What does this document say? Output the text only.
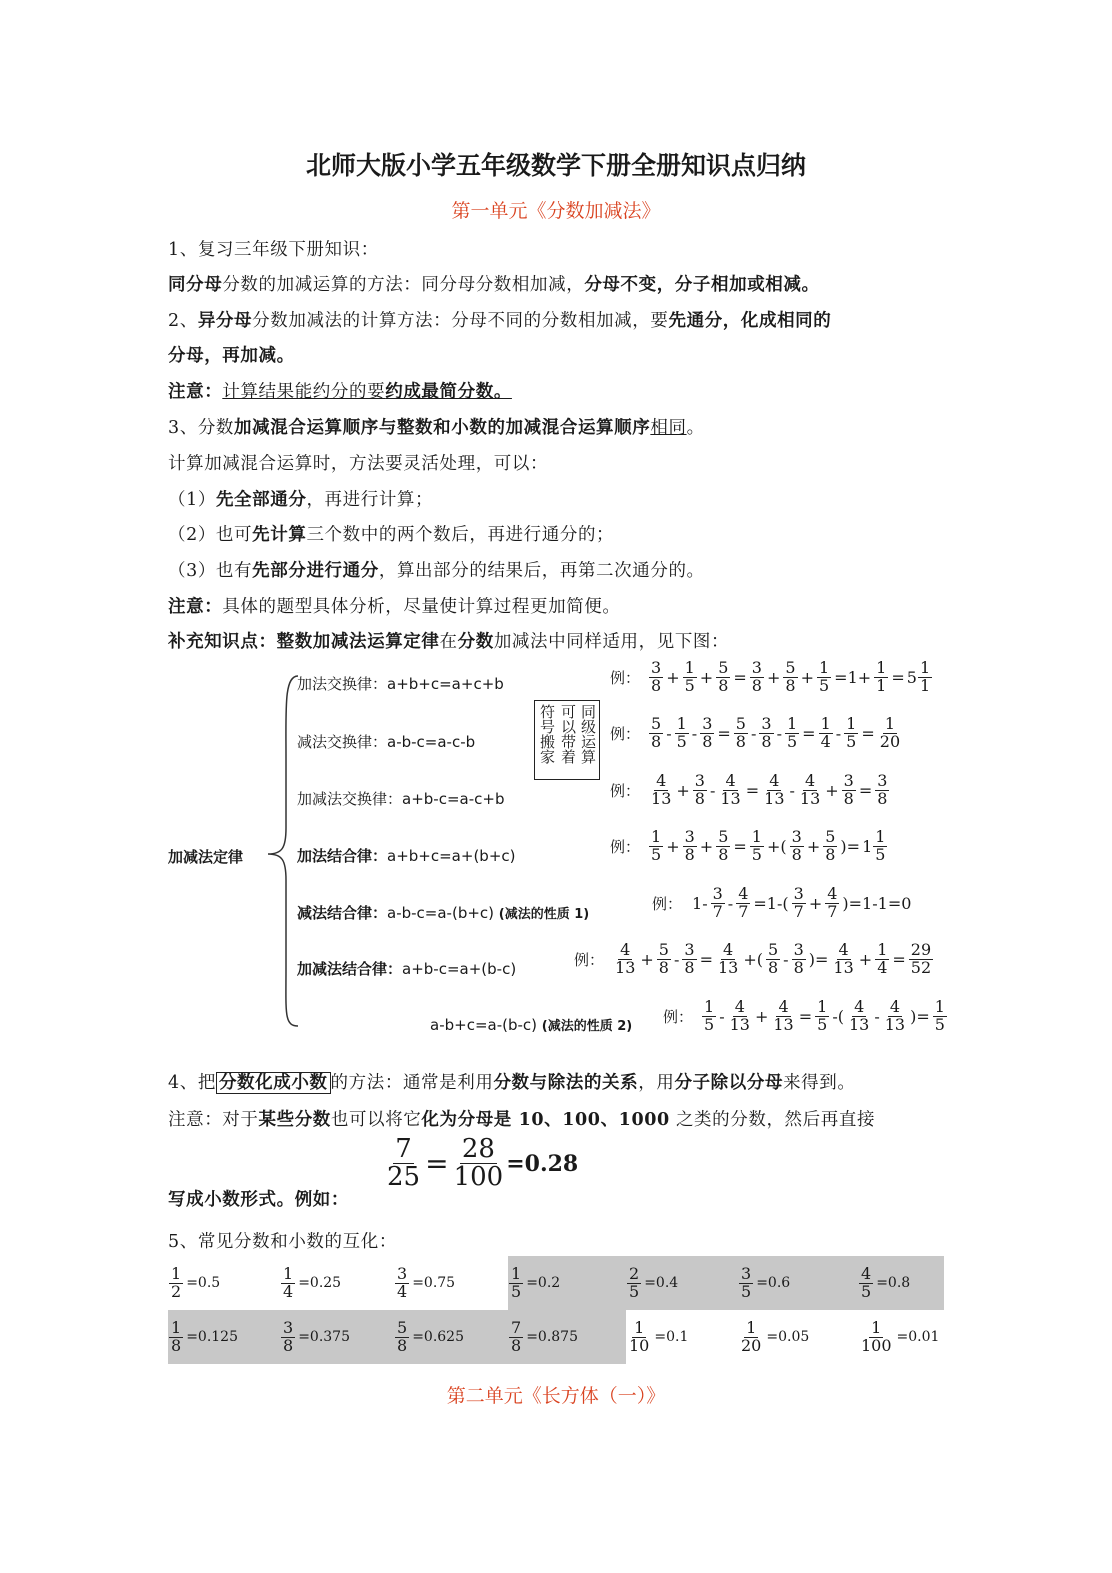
北师大版小学五年级数学下册全册知识点归纳
第一单元《分数加减法》
1、复习三年级下册知识：
同分母分数的加减运算的方法：同分母分数相加减，分母不变，分子相加或相减。
2、异分母分数加减法的计算方法：分母不同的分数相加减，要先通分，化成相同的
分母，再加减。
注意：计算结果能约分的要约成最简分数。
3、分数加减混合运算顺序与整数和小数的加减混合运算顺序相同。
计算加减混合运算时，方法要灵活处理，可以：
（1）先全部通分，再进行计算；
（2）也可先计算三个数中的两个数后，再进行通分的；
（3）也有先部分进行通分，算出部分的结果后，再第二次通分的。
注意：具体的题型具体分析，尽量使计算过程更加简便。
补充知识点：整数加减法运算定律在分数加减法中同样适用，见下图：
加减法定律
加法交换律：a+b+c=a+c+b
减法交换律：a-b-c=a-c-b
加减法交换律：a+b-c=a-c+b
加法结合律：a+b+c=a+(b+c)
减法结合律：a-b-c=a-(b+c) (减法的性质 1)
加减法结合律：a+b-c=a+(b-c)
a-b+c=a-(b-c) (减法的性质 2)
同级运算
可以带着
符号搬家
例： $\frac{3}{8} + \frac{1}{5} + \frac{5}{8} = \frac{3}{8} + \frac{5}{8} + \frac{1}{5} =1+ \frac{1}{1} = 5 \frac{1}{1}$
例： $\frac{5}{8} - \frac{1}{5} - \frac{3}{8} = \frac{5}{8} - \frac{3}{8} - \frac{1}{5} = \frac{1}{4} - \frac{1}{5} = \frac{1}{20}$
例： $\frac{4}{13} + \frac{3}{8} - \frac{4}{13} = \frac{4}{13} - \frac{4}{13} + \frac{3}{8} = \frac{3}{8}$
例： $\frac{1}{5} + \frac{3}{8} + \frac{5}{8} = \frac{1}{5}$ +( $\frac{3}{8} + \frac{5}{8}$ )= $1 \frac{1}{5}$
例： $1- \frac{3}{7} - \frac{4}{7} =1-( \frac{3}{7} + \frac{4}{7} )=1-1=0$
例： $\frac{4}{13} + \frac{5}{8} - \frac{3}{8} = \frac{4}{13}$ +( $\frac{5}{8} - \frac{3}{8}$ )= $\frac{4}{13} + \frac{1}{4} = \frac{29}{52}$
例： $\frac{1}{5} - \frac{4}{13} + \frac{4}{13} = \frac{1}{5}$ -( $\frac{4}{13} - \frac{4}{13}$ )= $\frac{1}{5}$
4、把 分数化成小数 的方法：通常是利用分数与除法的关系，用分子除以分母来得到。
注意：对于某些分数也可以将它化为分母是 10、100、1000 之类的分数，然后再直接
写成小数形式。例如：
$\frac{7}{25} = \frac{28}{100} =0.28$
5、常见分数和小数的互化：
$\frac{1}{2} =0.5$	$\frac{1}{4} =0.25$	$\frac{3}{4} =0.75$	$\frac{1}{5} =0.2$	$\frac{2}{5} =0.4$	$\frac{3}{5} =0.6$	$\frac{4}{5} =0.8$
$\frac{1}{8} =0.125$	$\frac{3}{8} =0.375$	$\frac{5}{8} =0.625$	$\frac{7}{8} =0.875$	$\frac{1}{10} =0.1$	$\frac{1}{20} =0.05$	$\frac{1}{100} =0.01$
第二单元《长方体（一）》
